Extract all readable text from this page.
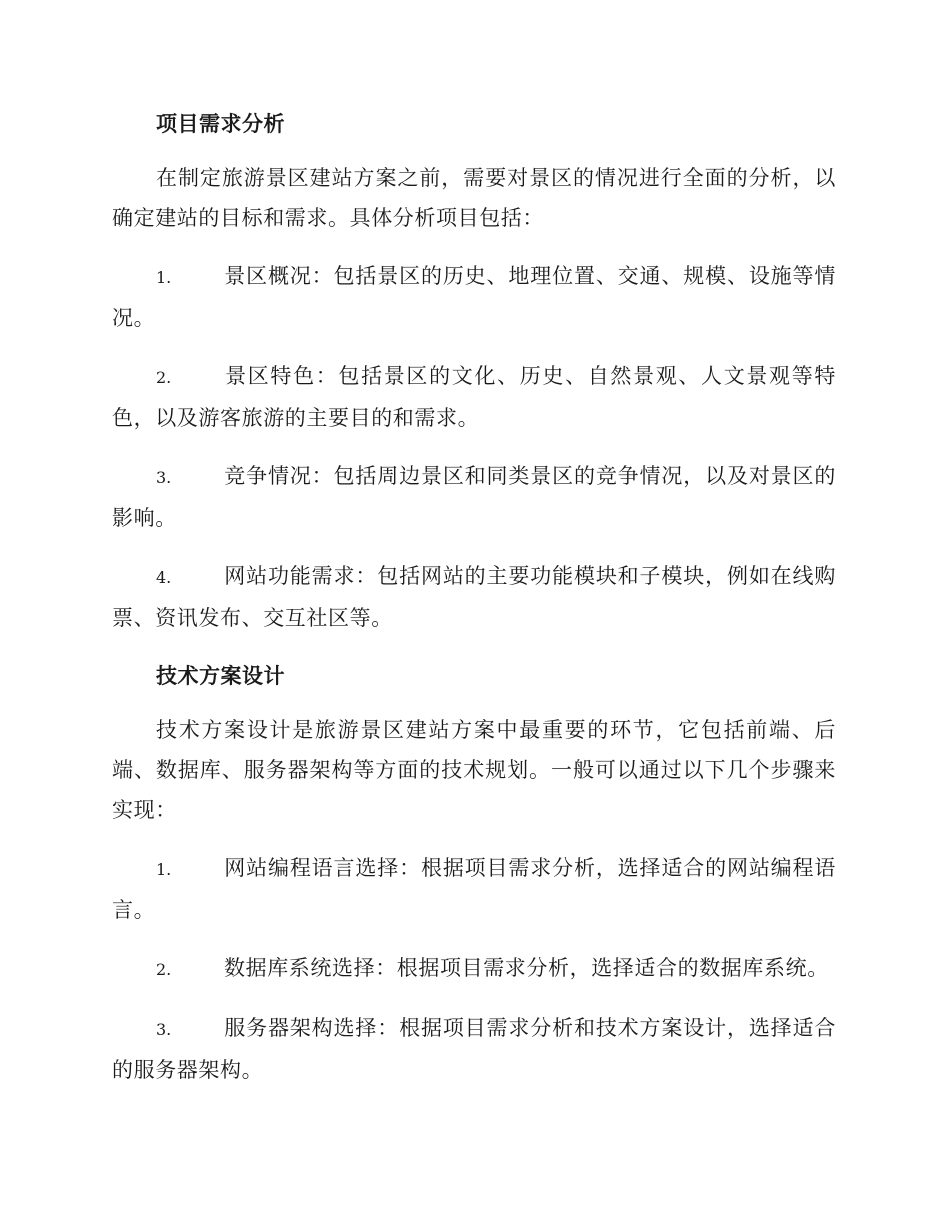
项目需求分析

在制定旅游景区建站方案之前，需要对景区的情况进行全面的分析，以确定建站的目标和需求。具体分析项目包括：

1.	景区概况：包括景区的历史、地理位置、交通、规模、设施等情况。

2.	景区特色：包括景区的文化、历史、自然景观、人文景观等特色，以及游客旅游的主要目的和需求。

3.	竞争情况：包括周边景区和同类景区的竞争情况，以及对景区的影响。

4.	网站功能需求：包括网站的主要功能模块和子模块，例如在线购票、资讯发布、交互社区等。

技术方案设计

技术方案设计是旅游景区建站方案中最重要的环节，它包括前端、后端、数据库、服务器架构等方面的技术规划。一般可以通过以下几个步骤来实现：

1.	网站编程语言选择：根据项目需求分析，选择适合的网站编程语言。

2.	数据库系统选择：根据项目需求分析，选择适合的数据库系统。

3.	服务器架构选择：根据项目需求分析和技术方案设计，选择适合的服务器架构。
